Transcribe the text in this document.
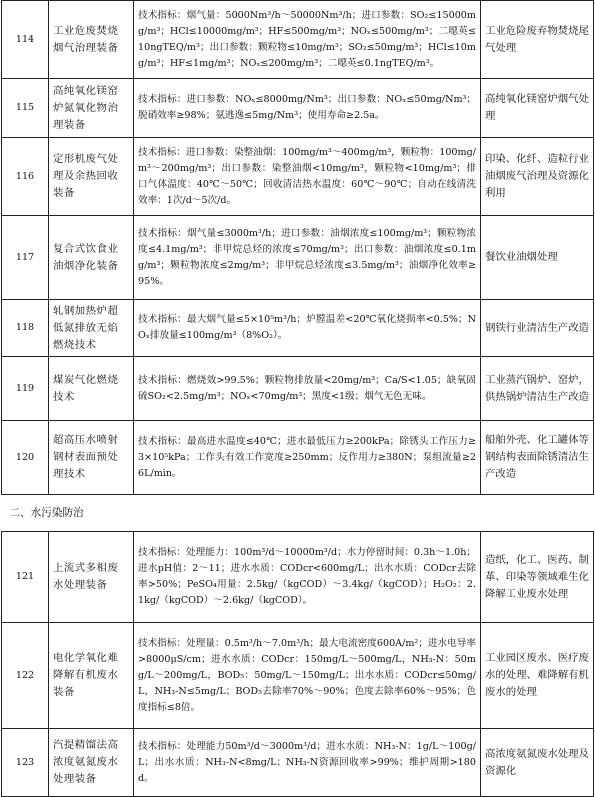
114	工业危废焚烧烟气治理装备	技术指标：烟气量：5000Nm³/h～50000Nm³/h；进口参数：SO₂≤15000mg/m³；HCl≤10000mg/m³；HF≤500mg/m³；NOₓ≤500mg/m³；二噁英≤10ngTEQ/m³；出口参数：颗粒物≤10mg/m³；SO₂≤50mg/m³；HCl≤10mg/m³；HF≤1mg/m³；NOₓ≤200mg/m³；二噁英≤0.1ngTEQ/m³。	工业危险废弃物焚烧尾气处理
115	高纯氧化镁窑炉氮氧化物治理装备	技术指标：进口参数：NOₓ≤8000mg/Nm³；出口参数：NOₓ≤50mg/Nm³；脱硝效率≥98%；氨逃逸≤5mg/Nm³；使用寿命≥2.5a。	高纯氧化镁窑炉烟气处理
116	定形机废气处理及余热回收装备	技术指标：进口参数：染整油烟：100mg/m³～400mg/m³，颗粒物：100mg/m³～200mg/m³；出口参数：染整油烟<10mg/m³，颗粒物<10mg/m³；排口气体温度：40℃～50℃；回收清洁热水温度：60℃～90℃；自动在线清洗效率：1次/d～5次/d。	印染、化纤、造粒行业油烟废气治理及资源化利用
117	复合式饮食业油烟净化装备	技术指标：烟气量≤3000m³/h；进口参数：油烟浓度≤100mg/m³；颗粒物浓度≤4.1mg/m³；非甲烷总烃的浓度≤70mg/m³；出口参数：油烟浓度≤0.1mg/m³；颗粒物浓度≤2mg/m³；非甲烷总烃浓度≤3.5mg/m³；油烟净化效率≥95%。	餐饮业油烟处理
118	轧钢加热炉超低氮排放无焰燃烧技术	技术指标：最大烟气量≤5×10⁵m³/h；炉膛温差<20℃氧化烧损率<0.5%；NOₓ排放量≤100mg/m³（8%O₂）。	钢铁行业清洁生产改造
119	煤炭气化燃烧技术	技术指标：燃烧效>99.5%；颗粒物排放量<20mg/m³；Ca/S<1.05；缺氧固硫SO₂<2.5mg/m³；NOₓ<70mg/m³；黑度<1级；烟气无色无味。	工业蒸汽锅炉、窑炉，供热锅炉清洁生产改造
120	超高压水喷射钢材表面预处理技术	技术指标：最高进水温度≤40℃；进水最低压力≥200kPa；除锈头工作压力≥3×10⁵kPa；工作头有效工作宽度≥250mm；反作用力≥380N；泵组流量≥26L/min。	船舶外壳、化工罐体等钢结构表面除锈清洁生产改造
二、水污染防治			
121	上流式多相废水处理装备	技术指标：处理能力：100m³/d～10000m³/d；水力停留时间：0.3h～1.0h；进水pH值：2～11；进水水质：CODcr<600mg/L；出水水质：CODcr去除率>50%；PeSO₄用量：2.5kg/（kgCOD）～3.4kg/（kgCOD）；H₂O₂：2.1kg/（kgCOD）～2.6kg/（kgCOD）。	造纸，化工、医药、制革、印染等领域难生化降解工业废水处理
122	电化学氧化难降解有机废水装备	技术指标：处理量：0.5m³/h～7.0m³/h；最大电流密度600A/m²；进水电导率>8000μS/cm；进水水质：CODcr：150mg/L～500mg/L，NH₃-N：50mg/L～200mg/L，BOD₅：50mg/L～150mg/L；出水水质：CODcr≤50mg/L，NH₃-N≤5mg/L；BOD₅去除率70%～90%；色度去除率60%～95%；色度指标≤8倍。	工业园区废水、医疗废水的处理、难降解有机废水的处理
123	汽提精馏法高浓度氨氮废水处理装备	技术指标：处理能力50m³/d～3000m³/d；进水水质：NH₃-N：1g/L～100g/L；出水水质：NH₃-N<8mg/L；NH₃-N资源回收率>99%；维护周期>180d。	高浓度氨氮废水处理及资源化
